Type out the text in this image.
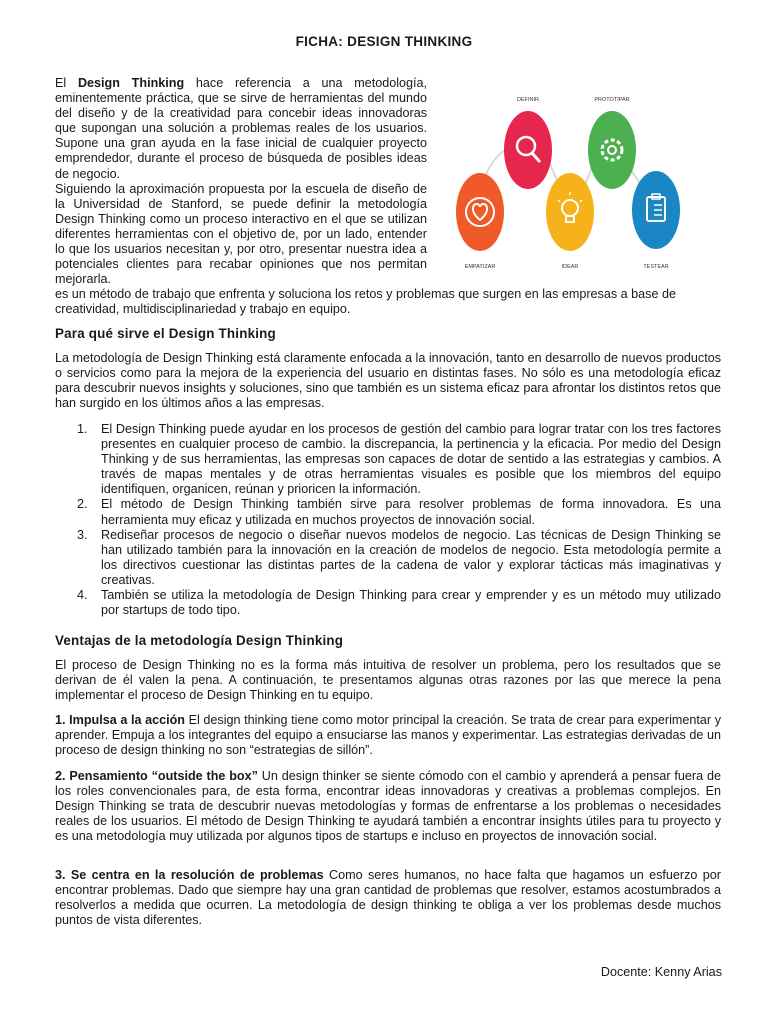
FICHA: DESIGN THINKING

El Design Thinking hace referencia a una metodología, eminentemente práctica, que se sirve de herramientas del mundo del diseño y de la creatividad para concebir ideas innovadoras que supongan una solución a problemas reales de los usuarios. Supone una gran ayuda en la fase inicial de cualquier proyecto emprendedor, durante el proceso de búsqueda de posibles ideas de negocio.

Siguiendo la aproximación propuesta por la escuela de diseño de la Universidad de Stanford, se puede definir la metodología Design Thinking como un proceso interactivo en el que se utilizan diferentes herramientas con el objetivo de, por un lado, entender lo que los usuarios necesitan y, por otro, presentar nuestra idea a potenciales clientes para recabar opiniones que nos permitan mejorarla.

EMPATIZAR
DEFINIR
IDEAR
PROTOTIPAR
TESTEAR

es un método de trabajo que enfrenta y soluciona los retos y problemas que surgen en las empresas a base de creatividad, multidisciplinariedad y trabajo en equipo.

Para qué sirve el Design Thinking

La metodología de Design Thinking está claramente enfocada a la innovación, tanto en desarrollo de nuevos productos o servicios como para la mejora de la experiencia del usuario en distintas fases. No sólo es una metodología eficaz para descubrir nuevos insights y soluciones, sino que también es un sistema eficaz para afrontar los distintos retos que han surgido en los últimos años a las empresas.

1. El Design Thinking puede ayudar en los procesos de gestión del cambio para lograr tratar con los tres factores presentes en cualquier proceso de cambio. la discrepancia, la pertinencia y la eficacia. Por medio del Design Thinking y de sus herramientas, las empresas son capaces de dotar de sentido a las estrategias y cambios. A través de mapas mentales y de otras herramientas visuales es posible que los miembros del equipo identifiquen, organicen, reúnan y prioricen la información.
2. El método de Design Thinking también sirve para resolver problemas de forma innovadora. Es una herramienta muy eficaz y utilizada en muchos proyectos de innovación social.
3. Rediseñar procesos de negocio o diseñar nuevos modelos de negocio. Las técnicas de Design Thinking se han utilizado también para la innovación en la creación de modelos de negocio. Esta metodología permite a los directivos cuestionar las distintas partes de la cadena de valor y explorar tácticas más imaginativas y creativas.
4. También se utiliza la metodología de Design Thinking para crear y emprender y es un método muy utilizado por startups de todo tipo.
Ventajas de la metodología Design Thinking

El proceso de Design Thinking no es la forma más intuitiva de resolver un problema, pero los resultados que se derivan de él valen la pena. A continuación, te presentamos algunas otras razones por las que merece la pena implementar el proceso de Design Thinking en tu equipo.

1. Impulsa a la acción El design thinking tiene como motor principal la creación. Se trata de crear para experimentar y aprender. Empuja a los integrantes del equipo a ensuciarse las manos y experimentar. Las estrategias derivadas de un proceso de design thinking no son “estrategias de sillón”.

2. Pensamiento “outside the box” Un design thinker se siente cómodo con el cambio y aprenderá a pensar fuera de los roles convencionales para, de esta forma, encontrar ideas innovadoras y creativas a problemas complejos. En Design Thinking se trata de descubrir nuevas metodologías y formas de enfrentarse a los problemas o necesidades reales de los usuarios. El método de Design Thinking te ayudará también a encontrar insights útiles para tu proyecto y es una metodología muy utilizada por algunos tipos de startups e incluso en proyectos de innovación social.

3. Se centra en la resolución de problemas Como seres humanos, no hace falta que hagamos un esfuerzo por encontrar problemas. Dado que siempre hay una gran cantidad de problemas que resolver, estamos acostumbrados a resolverlos a medida que ocurren. La metodología de design thinking te obliga a ver los problemas desde muchos puntos de vista diferentes.

Docente: Kenny Arias
